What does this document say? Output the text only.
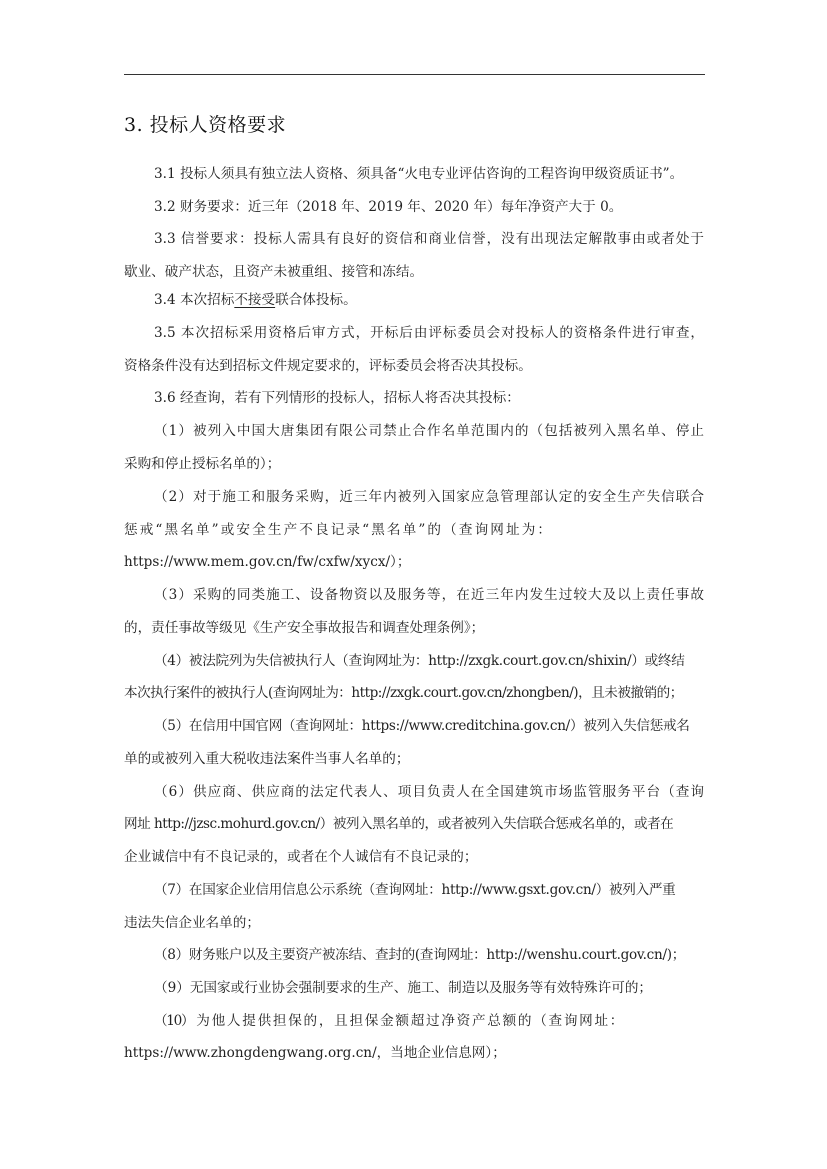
3. 投标人资格要求
3.1 投标人须具有独立法人资格、须具备“火电专业评估咨询的工程咨询甲级资质证书”。
3.2 财务要求：近三年（2018 年、2019 年、2020 年）每年净资产大于 0。
3.3 信誉要求：投标人需具有良好的资信和商业信誉，没有出现法定解散事由或者处于
歇业、破产状态，且资产未被重组、接管和冻结。
3.4 本次招标不接受联合体投标。
3.5 本次招标采用资格后审方式，开标后由评标委员会对投标人的资格条件进行审查，
资格条件没有达到招标文件规定要求的，评标委员会将否决其投标。
3.6 经查询，若有下列情形的投标人，招标人将否决其投标：
（1）被列入中国大唐集团有限公司禁止合作名单范围内的（包括被列入黑名单、停止
采购和停止授标名单的）；
（2）对于施工和服务采购，近三年内被列入国家应急管理部认定的安全生产失信联合
惩 戒 “ 黑 名 单 ” 或 安 全 生 产 不 良 记 录 “ 黑 名 单 ” 的 （ 查 询 网 址 为 ：
https://www.mem.gov.cn/fw/cxfw/xycx/）；
（3）采购的同类施工、设备物资以及服务等，在近三年内发生过较大及以上责任事故
的，责任事故等级见《生产安全事故报告和调查处理条例》；
（4）被法院列为失信被执行人（查询网址为：http://zxgk.court.gov.cn/shixin/）或终结
本次执行案件的被执行人(查询网址为：http://zxgk.court.gov.cn/zhongben/)，且未被撤销的；
（5）在信用中国官网（查询网址：https://www.creditchina.gov.cn/）被列入失信惩戒名
单的或被列入重大税收违法案件当事人名单的；
（6）供应商、供应商的法定代表人、项目负责人在全国建筑市场监管服务平台（查询
网址 http://jzsc.mohurd.gov.cn/）被列入黑名单的，或者被列入失信联合惩戒名单的，或者在
企业诚信中有不良记录的，或者在个人诚信有不良记录的；
（7）在国家企业信用信息公示系统（查询网址：http://www.gsxt.gov.cn/）被列入严重
违法失信企业名单的；
（8）财务账户以及主要资产被冻结、查封的(查询网址：http://wenshu.court.gov.cn/)；
（9）无国家或行业协会强制要求的生产、施工、制造以及服务等有效特殊许可的；
（10） 为 他 人 提 供 担 保 的 ， 且 担 保 金 额 超 过 净 资 产 总 额 的 （ 查 询 网 址 ：
https://www.zhongdengwang.org.cn/，当地企业信息网）；
